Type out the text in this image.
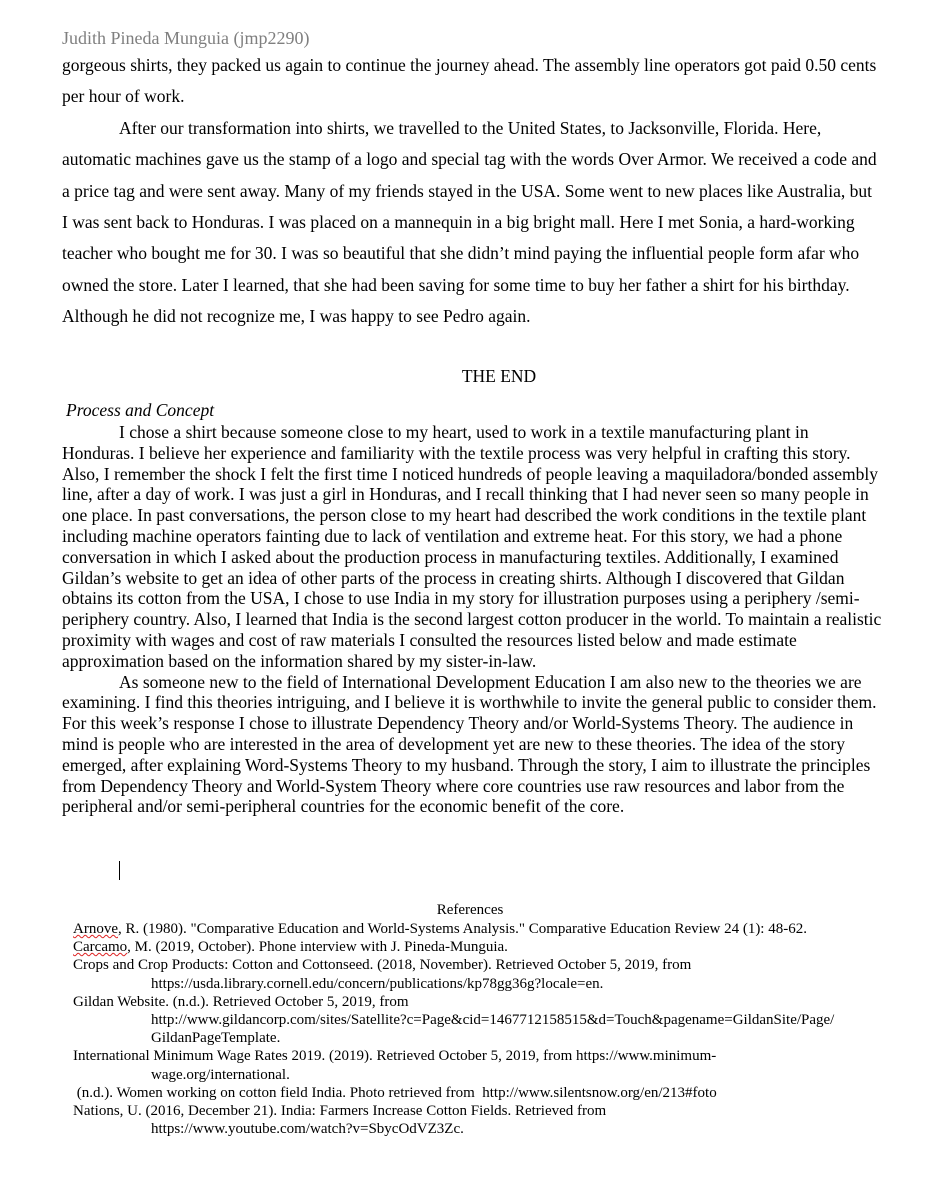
Judith Pineda Munguia (jmp2290)

gorgeous shirts, they packed us again to continue the journey ahead. The assembly line operators got paid 0.50 cents per hour of work.

After our transformation into shirts, we travelled to the United States, to Jacksonville, Florida. Here, automatic machines gave us the stamp of a logo and special tag with the words Over Armor. We received a code and a price tag and were sent away. Many of my friends stayed in the USA. Some went to new places like Australia, but I was sent back to Honduras. I was placed on a mannequin in a big bright mall. Here I met Sonia, a hard-working teacher who bought me for 30. I was so beautiful that she didn’t mind paying the influential people form afar who owned the store. Later I learned, that she had been saving for some time to buy her father a shirt for his birthday. Although he did not recognize me, I was happy to see Pedro again.

THE END
Process and Concept

I chose a shirt because someone close to my heart, used to work in a textile manufacturing plant in Honduras. I believe her experience and familiarity with the textile process was very helpful in crafting this story. Also, I remember the shock I felt the first time I noticed hundreds of people leaving a maquiladora/bonded assembly line, after a day of work. I was just a girl in Honduras, and I recall thinking that I had never seen so many people in one place. In past conversations, the person close to my heart had described the work conditions in the textile plant including machine operators fainting due to lack of ventilation and extreme heat. For this story, we had a phone conversation in which I asked about the production process in manufacturing textiles. Additionally, I examined Gildan’s website to get an idea of other parts of the process in creating shirts. Although I discovered that Gildan obtains its cotton from the USA, I chose to use India in my story for illustration purposes using a periphery /semi-periphery country. Also, I learned that India is the second largest cotton producer in the world. To maintain a realistic proximity with wages and cost of raw materials I consulted the resources listed below and made estimate approximation based on the information shared by my sister-in-law.

As someone new to the field of International Development Education I am also new to the theories we are examining. I find this theories intriguing, and I believe it is worthwhile to invite the general public to consider them. For this week’s response I chose to illustrate Dependency Theory and/or World-Systems Theory. The audience in mind is people who are interested in the area of development yet are new to these theories. The idea of the story emerged, after explaining Word-Systems Theory to my husband. Through the story, I aim to illustrate the principles from Dependency Theory and World-System Theory where core countries use raw resources and labor from the peripheral and/or semi-peripheral countries for the economic benefit of the core.

References

Arnove, R. (1980). "Comparative Education and World-Systems Analysis." Comparative Education Review 24 (1): 48-62.

Carcamo, M. (2019, October). Phone interview with J. Pineda-Munguia.

Crops and Crop Products: Cotton and Cottonseed. (2018, November). Retrieved October 5, 2019, from
https://usda.library.cornell.edu/concern/publications/kp78gg36g?locale=en.

Gildan Website. (n.d.). Retrieved October 5, 2019, from
http://www.gildancorp.com/sites/Satellite?c=Page&cid=1467712158515&d=Touch&pagename=GildanSite/Page/
GildanPageTemplate.

International Minimum Wage Rates 2019. (2019). Retrieved October 5, 2019, from https://www.minimum-
wage.org/international.

(n.d.). Women working on cotton field India. Photo retrieved from  http://www.silentsnow.org/en/213#foto

Nations, U. (2016, December 21). India: Farmers Increase Cotton Fields. Retrieved from
https://www.youtube.com/watch?v=SbycOdVZ3Zc.
